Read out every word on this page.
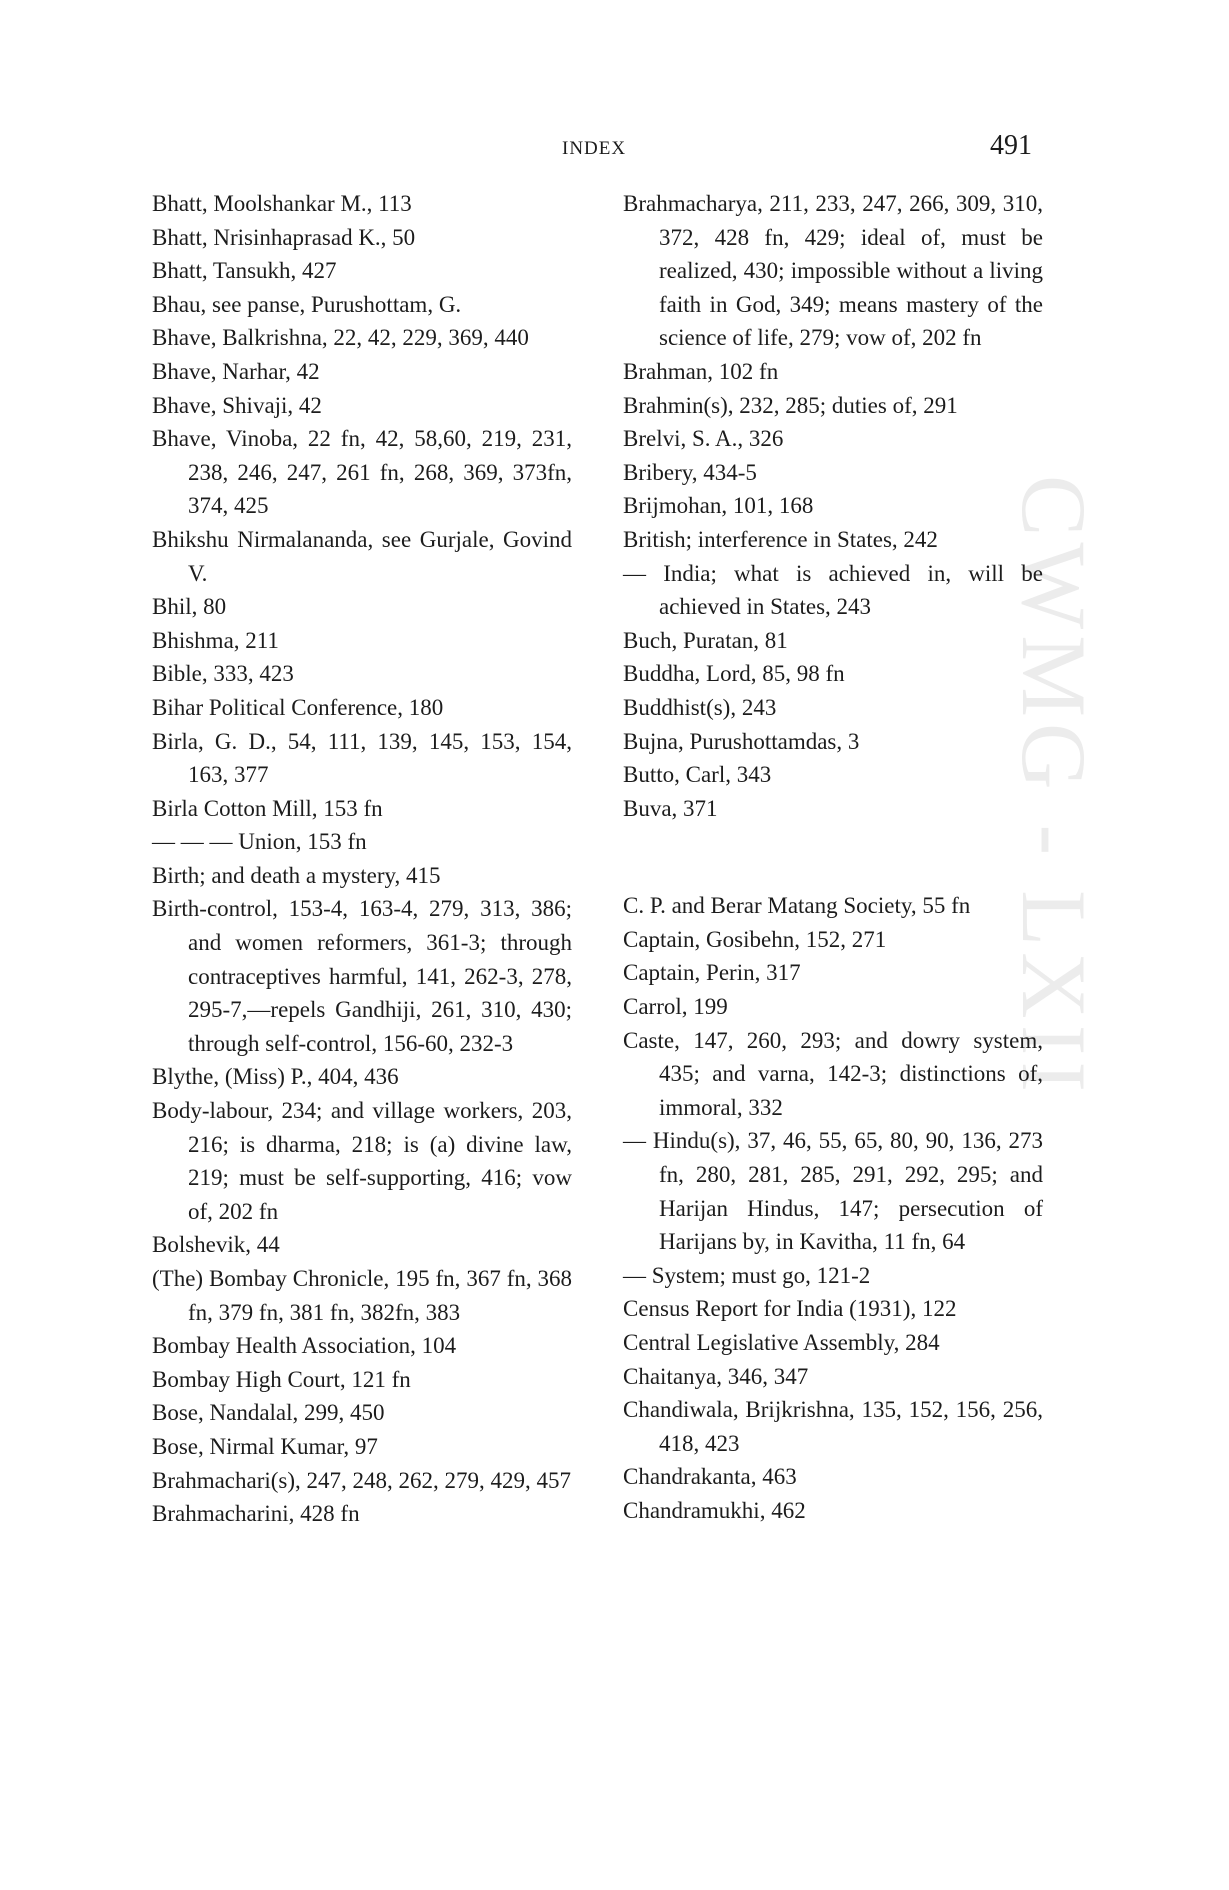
CWMG - LXII
INDEX	491

Bhatt, Moolshankar M., 113

Bhatt, Nrisinhaprasad K., 50

Bhatt, Tansukh, 427

Bhau, see panse, Purushottam, G.

Bhave, Balkrishna, 22, 42, 229, 369, 440

Bhave, Narhar, 42

Bhave, Shivaji, 42

Bhave, Vinoba, 22 fn, 42, 58,60, 219, 231, 238, 246, 247, 261 fn, 268, 369, 373fn, 374, 425

Bhikshu Nirmalananda, see Gurjale, Govind V.

Bhil, 80

Bhishma, 211

Bible, 333, 423

Bihar Political Conference, 180

Birla, G. D., 54, 111, 139, 145, 153, 154, 163, 377

Birla Cotton Mill, 153 fn

— — — Union, 153 fn

Birth; and death a mystery, 415

Birth-control, 153-4, 163-4, 279, 313, 386; and women reformers, 361-3; through contraceptives harmful, 141, 262-3, 278, 295-7,—repels Gandhiji, 261, 310, 430; through self-control, 156-60, 232-3

Blythe, (Miss) P., 404, 436

Body-labour, 234; and village workers, 203, 216; is dharma, 218; is (a) divine law, 219; must be self-supporting, 416; vow of, 202 fn

Bolshevik, 44

(The) Bombay Chronicle, 195 fn, 367 fn, 368 fn, 379 fn, 381 fn, 382fn, 383

Bombay Health Association, 104

Bombay High Court, 121 fn

Bose, Nandalal, 299, 450

Bose, Nirmal Kumar, 97

Brahmachari(s), 247, 248, 262, 279, 429, 457

Brahmacharini, 428 fn

Brahmacharya, 211, 233, 247, 266, 309, 310, 372, 428 fn, 429; ideal of, must be realized, 430; impossible without a living faith in God, 349; means mastery of the science of life, 279; vow of, 202 fn

Brahman, 102 fn

Brahmin(s), 232, 285; duties of, 291

Brelvi, S. A., 326

Bribery, 434-5

Brijmohan, 101, 168

British; interference in States, 242

— India; what is achieved in, will be achieved in States, 243

Buch, Puratan, 81

Buddha, Lord, 85, 98 fn

Buddhist(s), 243

Bujna, Purushottamdas, 3

Butto, Carl, 343

Buva, 371

C. P. and Berar Matang Society, 55 fn

Captain, Gosibehn, 152, 271

Captain, Perin, 317

Carrol, 199

Caste, 147, 260, 293; and dowry system, 435; and varna, 142-3; distinctions of, immoral, 332

— Hindu(s), 37, 46, 55, 65, 80, 90, 136, 273 fn, 280, 281, 285, 291, 292, 295; and Harijan Hindus, 147; persecution of Harijans by, in Kavitha, 11 fn, 64

— System; must go, 121-2

Census Report for India (1931), 122

Central Legislative Assembly, 284

Chaitanya, 346, 347

Chandiwala, Brijkrishna, 135, 152, 156, 256, 418, 423

Chandrakanta, 463

Chandramukhi, 462
